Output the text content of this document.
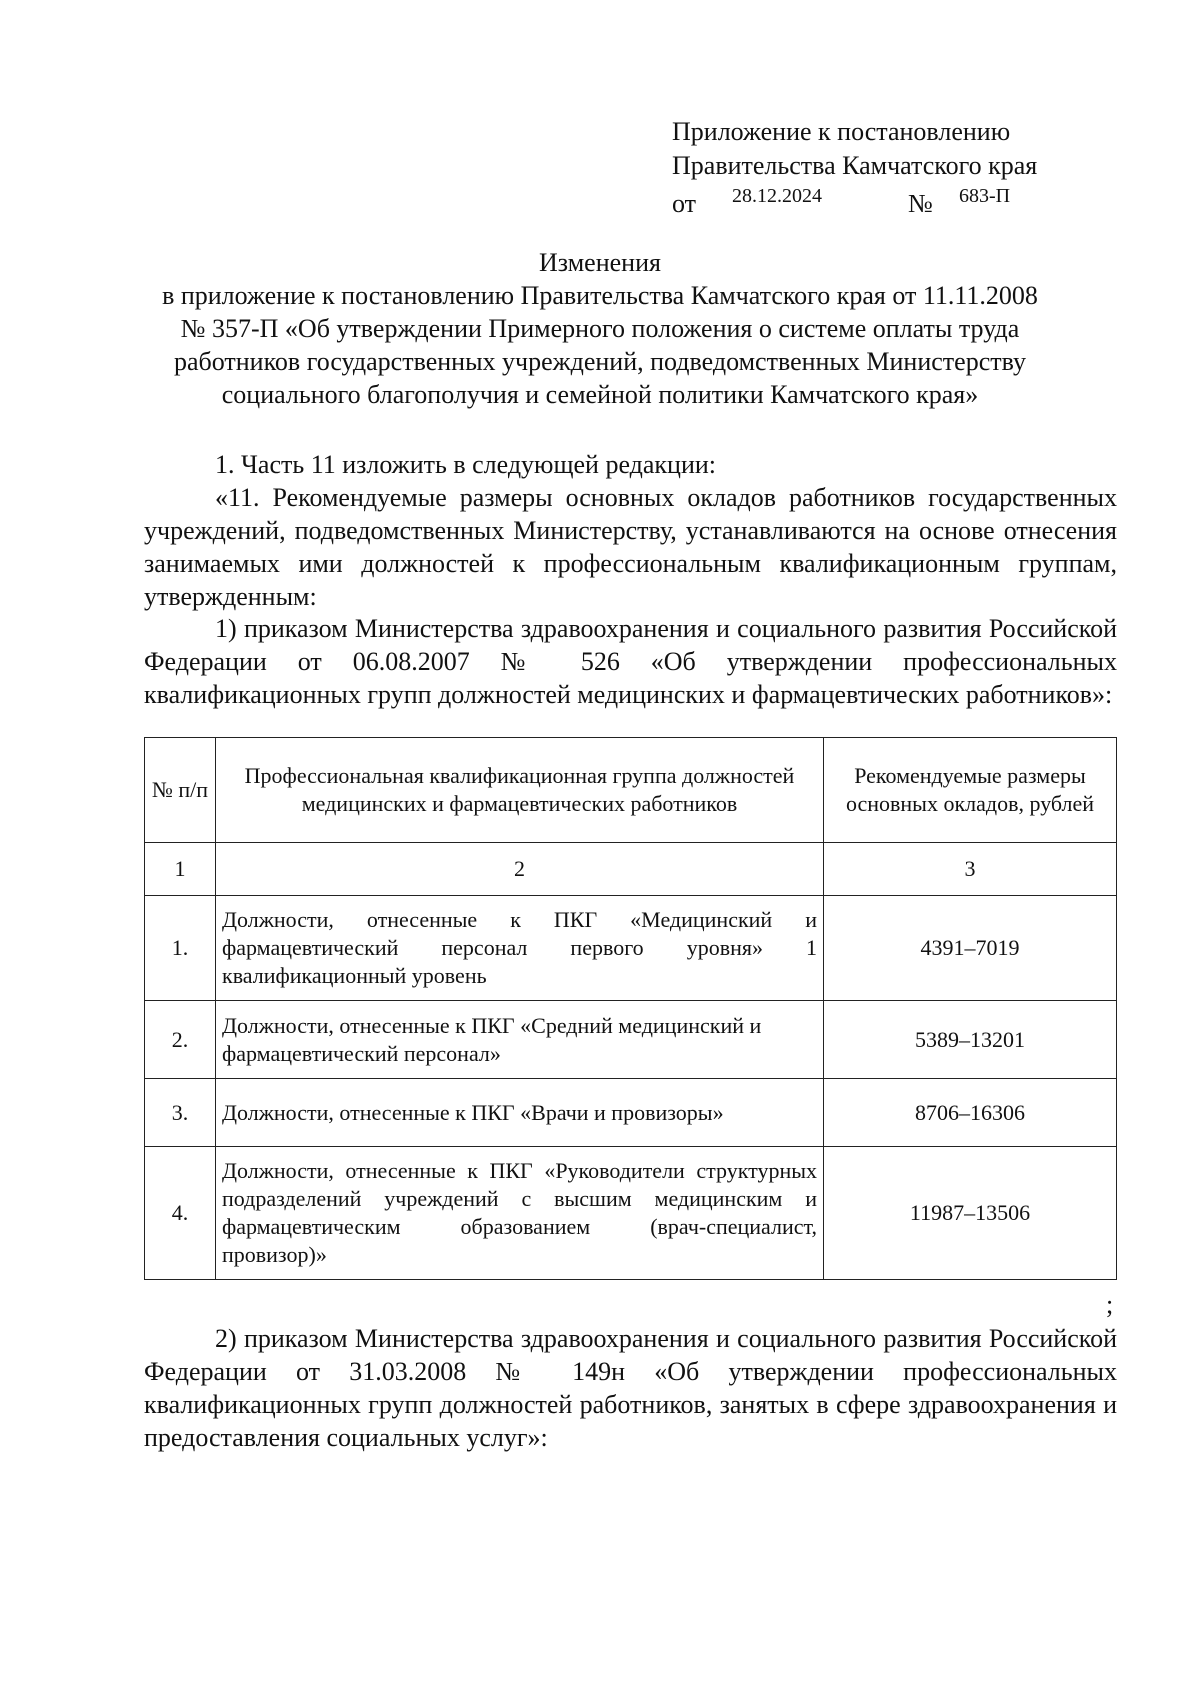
Приложение к постановлению
Правительства Камчатского края
от 28.12.2024	№ 683-П
Изменения
в приложение к постановлению Правительства Камчатского края от 11.11.2008
№ 357-П «Об утверждении Примерного положения о системе оплаты труда
работников государственных учреждений, подведомственных Министерству
социального благополучия и семейной политики Камчатского края»

1. Часть 11 изложить в следующей редакции:

«11. Рекомендуемые размеры основных окладов работников государственных учреждений, подведомственных Министерству, устанавливаются на основе отнесения занимаемых ими должностей к профессиональным квалификационным группам, утвержденным:

1) приказом Министерства здравоохранения и социального развития Российской Федерации от 06.08.2007 № 526 «Об утверждении профессиональных квалификационных групп должностей медицинских и фармацевтических работников»:

№ п/п	Профессиональная квалификационная группа должностей медицинских и фармацевтических работников	Рекомендуемые размеры основных окладов, рублей
1	2	3
1.	Должности, отнесенные к ПКГ «Медицинский и фармацевтический персонал первого уровня» 1 квалификационный уровень	4391–7019
2.	Должности, отнесенные к ПКГ «Средний медицинский и фармацевтический персонал»	5389–13201
3.	Должности, отнесенные к ПКГ «Врачи и провизоры»	8706–16306
4.	Должности, отнесенные к ПКГ «Руководители структурных подразделений учреждений с высшим медицинским и фармацевтическим образованием (врач-специалист, провизор)»	11987–13506
;

2) приказом Министерства здравоохранения и социального развития Российской Федерации от 31.03.2008 № 149н «Об утверждении профессиональных квалификационных групп должностей работников, занятых в сфере здравоохранения и предоставления социальных услуг»:
